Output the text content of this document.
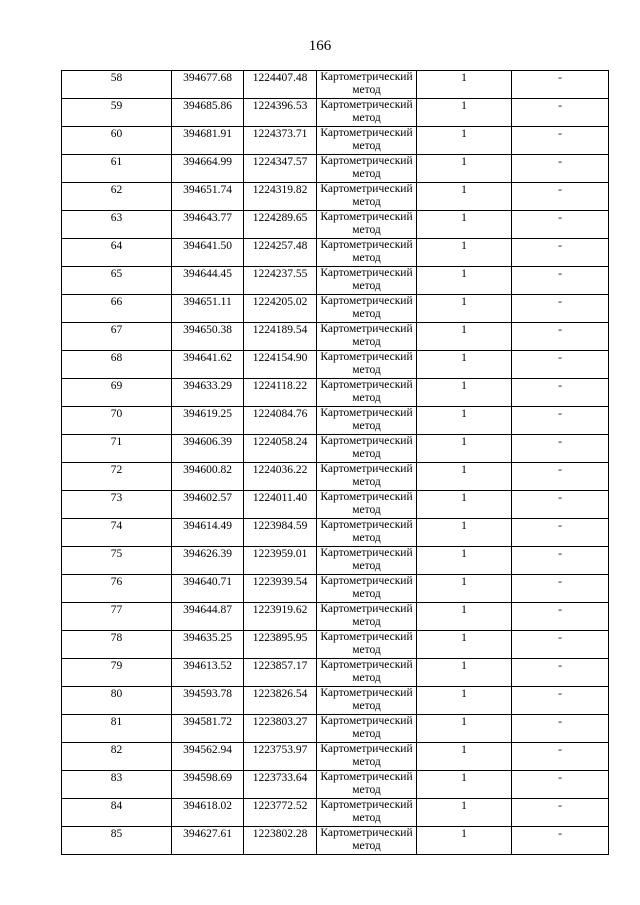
166
58	394677.68	1224407.48	Картометрический метод	1	-
59	394685.86	1224396.53	Картометрический метод	1	-
60	394681.91	1224373.71	Картометрический метод	1	-
61	394664.99	1224347.57	Картометрический метод	1	-
62	394651.74	1224319.82	Картометрический метод	1	-
63	394643.77	1224289.65	Картометрический метод	1	-
64	394641.50	1224257.48	Картометрический метод	1	-
65	394644.45	1224237.55	Картометрический метод	1	-
66	394651.11	1224205.02	Картометрический метод	1	-
67	394650.38	1224189.54	Картометрический метод	1	-
68	394641.62	1224154.90	Картометрический метод	1	-
69	394633.29	1224118.22	Картометрический метод	1	-
70	394619.25	1224084.76	Картометрический метод	1	-
71	394606.39	1224058.24	Картометрический метод	1	-
72	394600.82	1224036.22	Картометрический метод	1	-
73	394602.57	1224011.40	Картометрический метод	1	-
74	394614.49	1223984.59	Картометрический метод	1	-
75	394626.39	1223959.01	Картометрический метод	1	-
76	394640.71	1223939.54	Картометрический метод	1	-
77	394644.87	1223919.62	Картометрический метод	1	-
78	394635.25	1223895.95	Картометрический метод	1	-
79	394613.52	1223857.17	Картометрический метод	1	-
80	394593.78	1223826.54	Картометрический метод	1	-
81	394581.72	1223803.27	Картометрический метод	1	-
82	394562.94	1223753.97	Картометрический метод	1	-
83	394598.69	1223733.64	Картометрический метод	1	-
84	394618.02	1223772.52	Картометрический метод	1	-
85	394627.61	1223802.28	Картометрический метод	1	-
